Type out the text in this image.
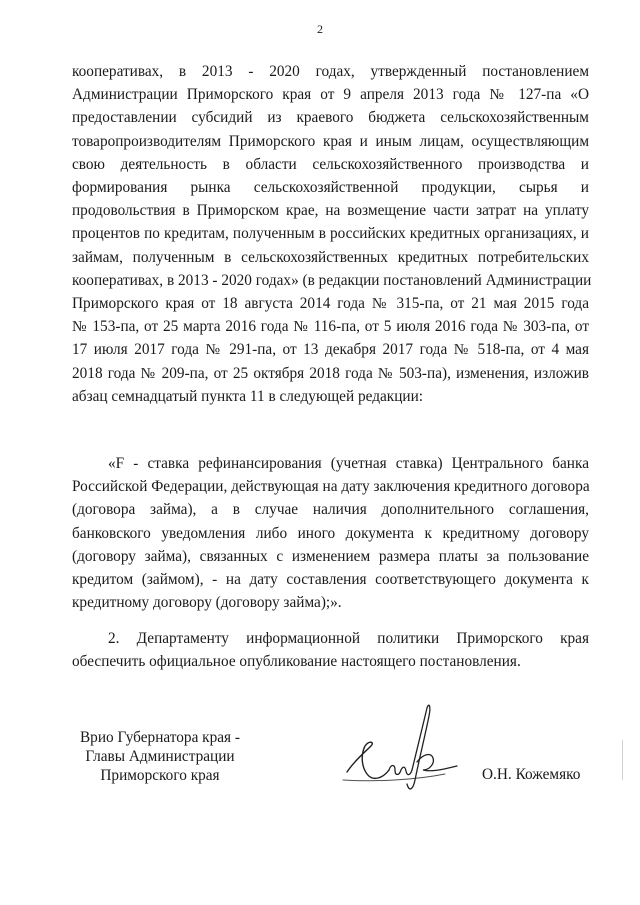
2
кооперативах, в 2013 - 2020 годах, утвержденный постановлением
Администрации Приморского края от 9 апреля 2013 года № 127-па «О
предоставлении субсидий из краевого бюджета сельскохозяйственным
товаропроизводителям Приморского края и иным лицам, осуществляющим
свою деятельность в области сельскохозяйственного производства и
формирования рынка сельскохозяйственной продукции, сырья и
продовольствия в Приморском крае, на возмещение части затрат на уплату
процентов по кредитам, полученным в российских кредитных организациях, и
займам, полученным в сельскохозяйственных кредитных потребительских
кооперативах, в 2013 - 2020 годах» (в редакции постановлений Администрации
Приморского края от 18 августа 2014 года № 315-па, от 21 мая 2015 года
№ 153-па, от 25 марта 2016 года № 116-па, от 5 июля 2016 года № 303-па, от
17 июля 2017 года № 291-па, от 13 декабря 2017 года № 518-па, от 4 мая
2018 года № 209-па, от 25 октября 2018 года № 503-па), изменения, изложив
абзац семнадцатый пункта 11 в следующей редакции:
«F - ставка рефинансирования (учетная ставка) Центрального банка
Российской Федерации, действующая на дату заключения кредитного договора
(договора займа), а в случае наличия дополнительного соглашения,
банковского уведомления либо иного документа к кредитному договору
(договору займа), связанных с изменением размера платы за пользование
кредитом (займом), - на дату составления соответствующего документа к
кредитному договору (договору займа);».
2. Департаменту информационной политики Приморского края
обеспечить официальное опубликование настоящего постановления.
Врио Губернатора края -
Главы Администрации
Приморского края	О.Н. Кожемяко
